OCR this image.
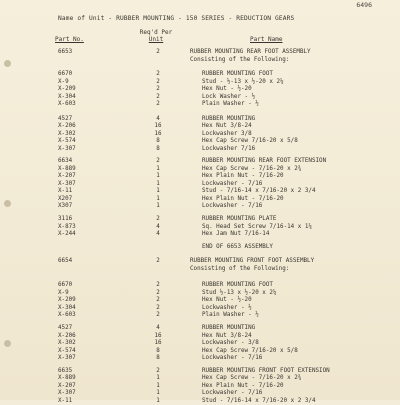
6496
Name of Unit - RUBBER MOUNTING - 150 SERIES - REDUCTION GEARS
Part No.
Req'd Per
Unit	Part Name
6653	2	RUBBER MOUNTING REAR FOOT ASSEMBLY
Consisting of the Following:
6670	2	RUBBER MOUNTING FOOT
X-9	2	Stud - ½-13 x ½-20 x 2¼
X-209	2	Hex Nut - ½-20
X-304	2	Lock Washer - ½
X-603	2	Plain Washer - ½
4527	4	RUBBER MOUNTING
X-206	16	Hex Nut 3/8-24
X-302	16	Lockwasher 3/8
X-574	8	Hex Cap Screw 7/16-20 x 5/8
X-307	8	Lockwasher 7/16
6634	2	RUBBER MOUNTING REAR FOOT EXTENSION
X-889	1	Hex Cap Screw - 7/16-20 x 2¾
X-207	1	Hex Plain Nut - 7/16-20
X-307	1	Lockwasher - 7/16
X-11	1	Stud - 7/16-14 x 7/16-20 x 2 3/4
X207	1	Hex Plain Nut - 7/16-20
X307	1	Lockwasher - 7/16
3116	2	RUBBER MOUNTING PLATE
X-873	4	Sq. Head Set Screw 7/16-14 x 1¼
X-244	4	Hex Jam Nut 7/16-14
END OF 6653 ASSEMBLY
6654	2	RUBBER MOUNTING FRONT FOOT ASSEMBLY
Consisting of the Following:
6670	2	RUBBER MOUNTING FOOT
X-9	2	Stud ½-13 x ½-20 x 2¼
X-209	2	Hex Nut - ½-20
X-304	2	Lockwasher - ½
X-603	2	Plain Washer - ½
4527	4	RUBBER MOUNTING
X-206	16	Hex Nut 3/8-24
X-302	16	Lockwasher - 3/8
X-574	8	Hex Cap Screw 7/16-20 x 5/8
X-307	8	Lockwasher - 7/16
6635	2	RUBBER MOUNTING FRONT FOOT EXTENSION
X-889	1	Hex Cap Screw - 7/16-20 x 2¾
X-207	1	Hex Plain Nut - 7/16-20
X-307	1	Lockwasher - 7/16
X-11	1	Stud - 7/16-14 x 7/16-20 x 2 3/4
